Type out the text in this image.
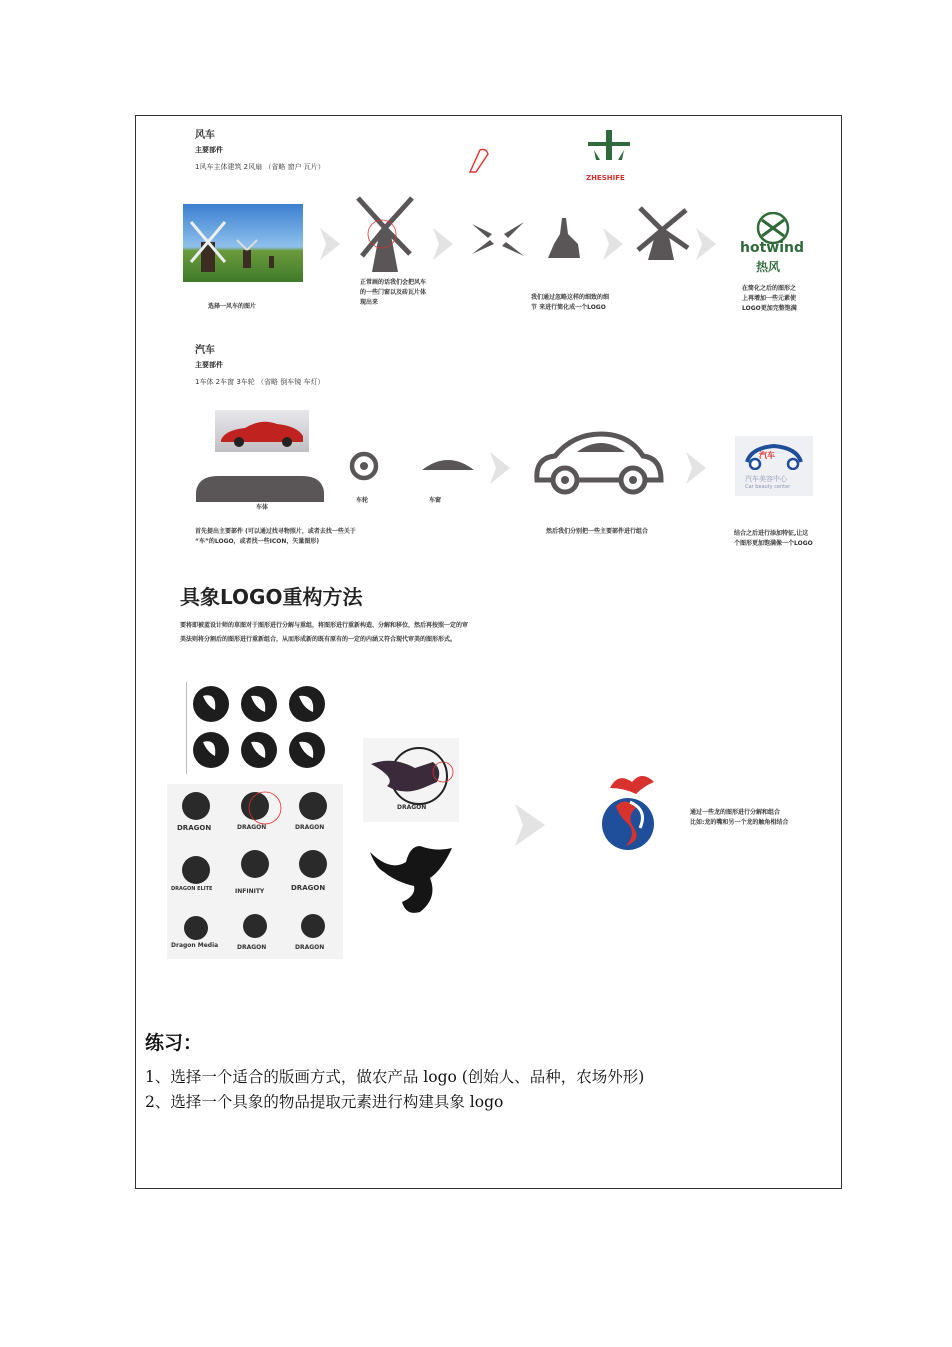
风车
主要部件
1风车主体建筑 2风扇 （省略 窗户 瓦片）
ZHESHIFE
选择一风车的图片
正常画的话我们会把风车
的一些门窗以及砖瓦片体
现出来
我们通过忽略这样的细致的细
节 来进行简化成一个LOGO
hotwind
热风
在简化之后的图形之
上再增加一些元素使
LOGO更加完整饱满
汽车
主要部件
1车体 2车窗 3车轮 （省略 倒车镜 车灯）
车体
车轮	车窗
汽车
汽车美容中心
Car beauty center
首先提出主要部件 (可以通过找寻物照片，或者去找一些关于
“车”的LOGO，或者找一些ICON，矢量图形)
然后我们分别把一些主要部件进行组合	结合之后进行添加特征,让这
个图形更加饱满像一个LOGO
具象LOGO重构方法
要将即被蓝设计师的草图对于图形进行分解与重组，将图形进行重新构造、分解和移位，然后再按照一定的审
美法则将分割后的图形进行重新组合，从而形成新的既有原有的一定的内涵又符合现代审美的图形形式。
DRAGON	DRAGON	DRAGON
DRAGON ELITE	INFINITY	DRAGON
Dragon Media	DRAGON	DRAGON
DRAGON
通过一些龙的图形进行分解和组合
比如:龙的嘴和另一个龙的触角相结合
练习：
1、选择一个适合的版画方式，做农产品 logo (创始人、品种，农场外形)
2、选择一个具象的物品提取元素进行构建具象 logo
